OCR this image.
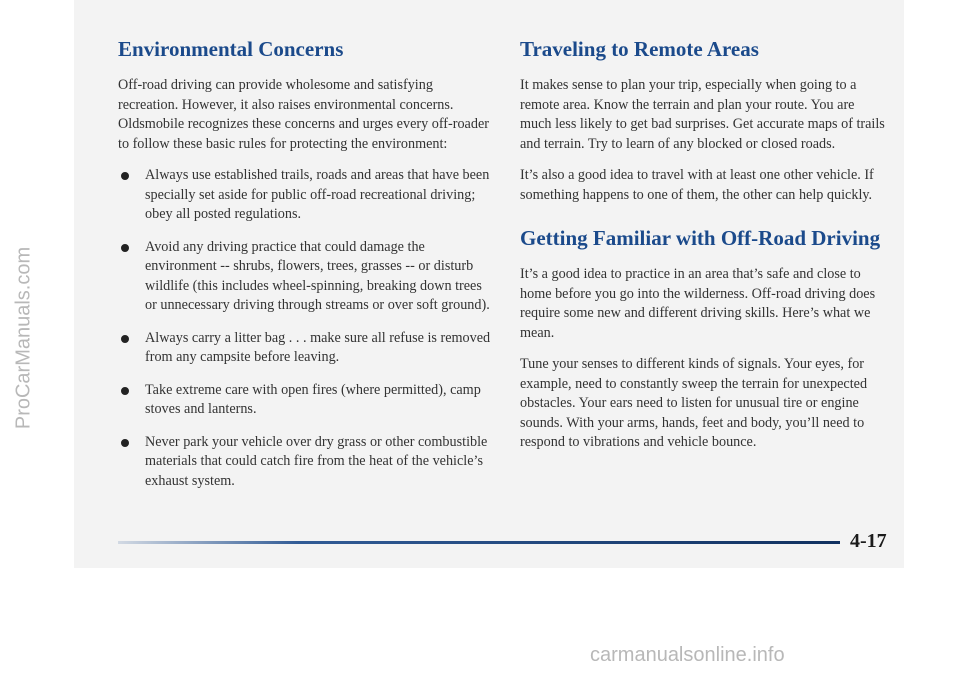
ProCarManuals.com
Environmental Concerns

Off-road driving can provide wholesome and satisfying recreation. However, it also raises environmental concerns. Oldsmobile recognizes these concerns and urges every off-roader to follow these basic rules for protecting the environment:

Always use established trails, roads and areas that have been specially set aside for public off-road recreational driving; obey all posted regulations.
Avoid any driving practice that could damage the environment -- shrubs, flowers, trees, grasses -- or disturb wildlife (this includes wheel-spinning, breaking down trees or unnecessary driving through streams or over soft ground).
Always carry a litter bag . . . make sure all refuse is removed from any campsite before leaving.
Take extreme care with open fires (where permitted), camp stoves and lanterns.
Never park your vehicle over dry grass or other combustible materials that could catch fire from the heat of the vehicle’s exhaust system.
Traveling to Remote Areas

It makes sense to plan your trip, especially when going to a remote area. Know the terrain and plan your route. You are much less likely to get bad surprises. Get accurate maps of trails and terrain. Try to learn of any blocked or closed roads.

It’s also a good idea to travel with at least one other vehicle. If something happens to one of them, the other can help quickly.

Getting Familiar with Off-Road Driving

It’s a good idea to practice in an area that’s safe and close to home before you go into the wilderness. Off-road driving does require some new and different driving skills. Here’s what we mean.

Tune your senses to different kinds of signals. Your eyes, for example, need to constantly sweep the terrain for unexpected obstacles. Your ears need to listen for unusual tire or engine sounds. With your arms, hands, feet and body, you’ll need to respond to vibrations and vehicle bounce.

4-17
carmanualsonline.info
